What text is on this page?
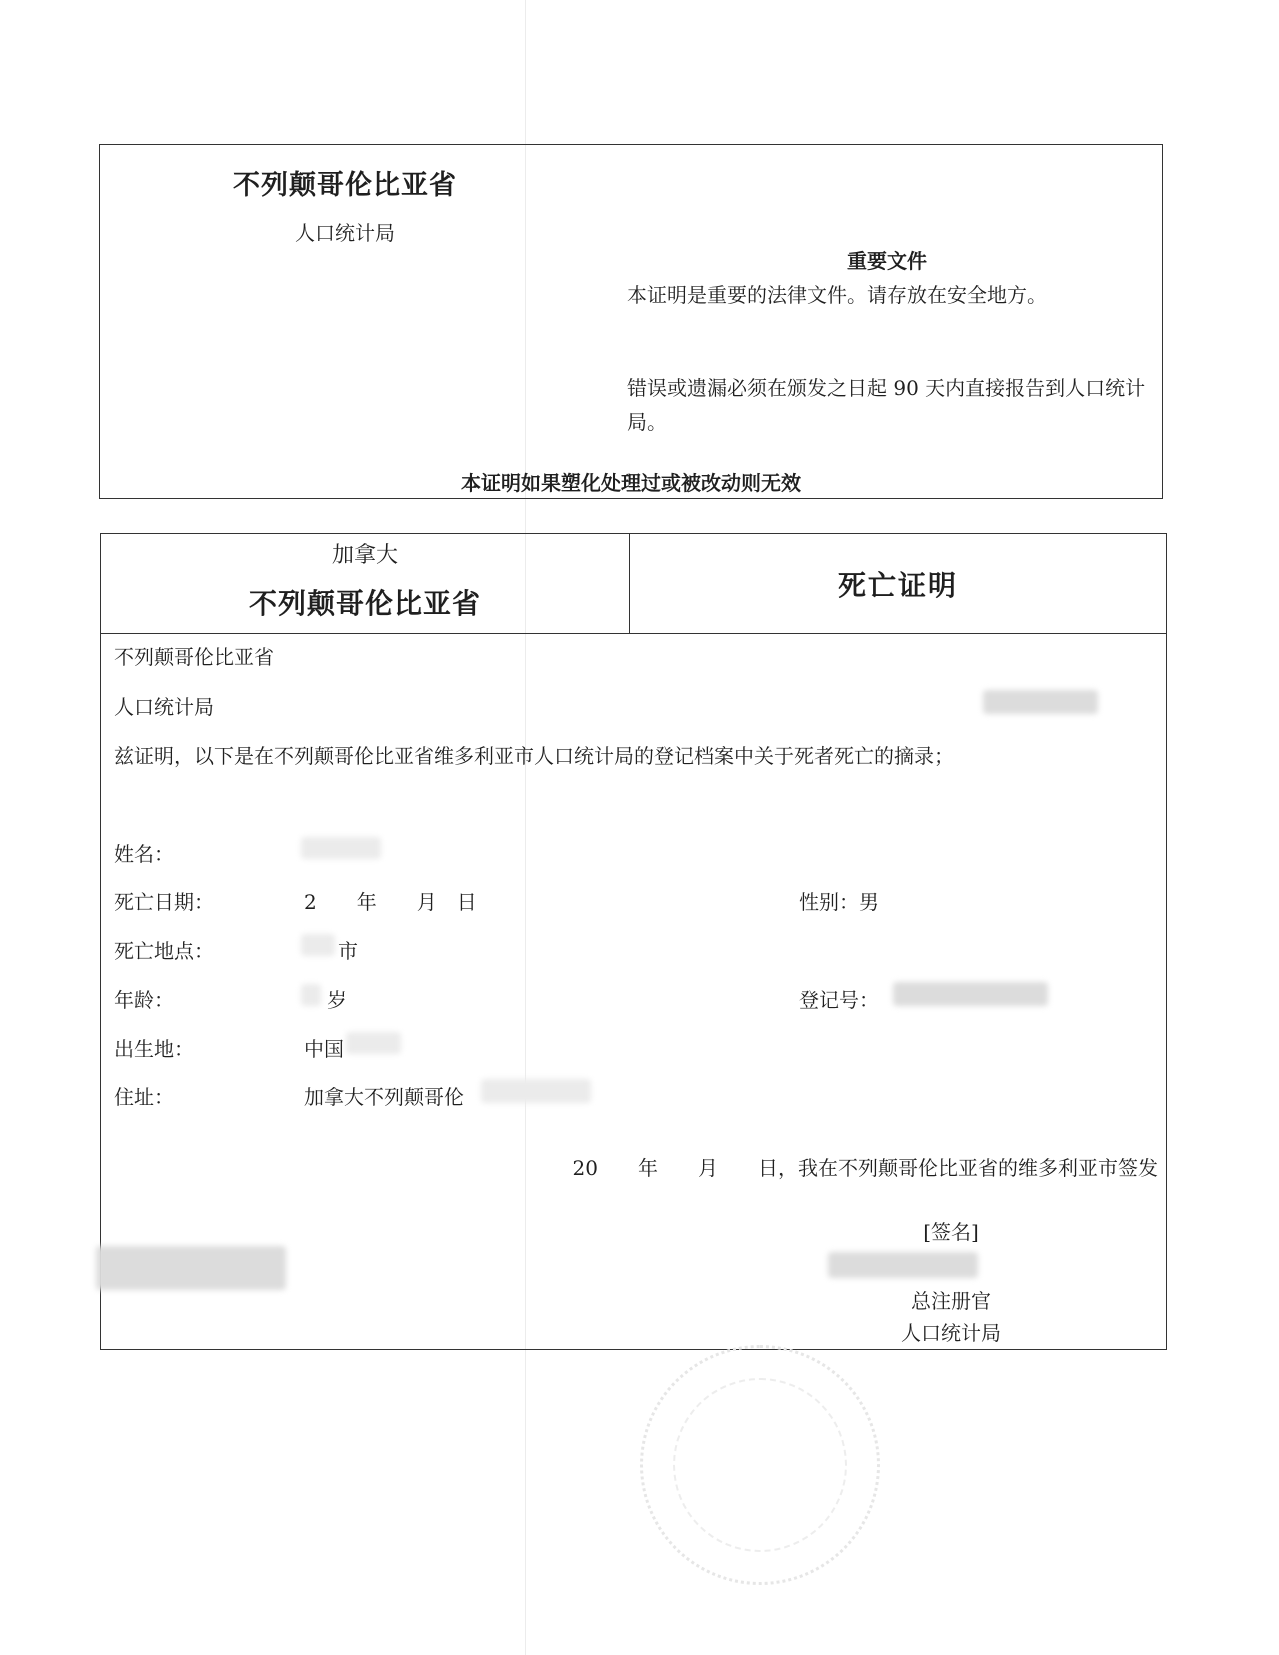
不列颠哥伦比亚省
人口统计局
重要文件
本证明是重要的法律文件。请存放在安全地方。
错误或遗漏必须在颁发之日起 90 天内直接报告到人口统计局。
本证明如果塑化处理过或被改动则无效
加拿大
不列颠哥伦比亚省
死亡证明
不列颠哥伦比亚省
人口统计局
兹证明，以下是在不列颠哥伦比亚省维多利亚市人口统计局的登记档案中关于死者死亡的摘录；
姓名：
死亡日期：	2　　年　　月　日	性别：男
死亡地点：	市
年龄：	岁	登记号：
出生地：	中国
住址：	加拿大不列颠哥伦
20　　年　　月　　日，我在不列颠哥伦比亚省的维多利亚市签发
[签名]
总注册官
人口统计局
